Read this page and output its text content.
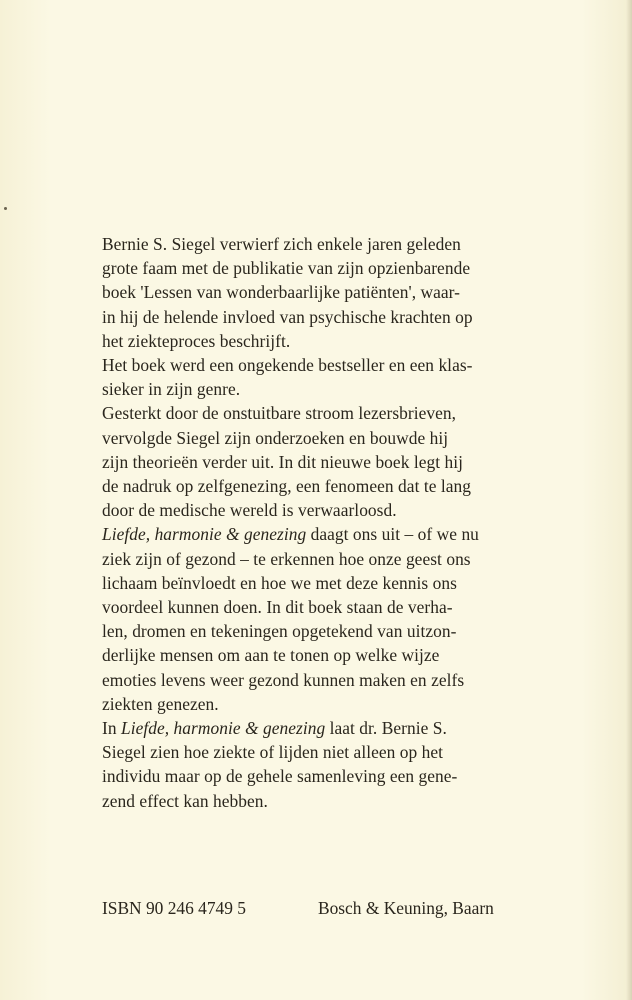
Bernie S. Siegel verwierf zich enkele jaren geleden
grote faam met de publikatie van zijn opzienbarende
boek 'Lessen van wonderbaarlijke patiënten', waar-
in hij de helende invloed van psychische krachten op
het ziekteproces beschrijft.
Het boek werd een ongekende bestseller en een klas-
sieker in zijn genre.
Gesterkt door de onstuitbare stroom lezersbrieven,
vervolgde Siegel zijn onderzoeken en bouwde hij
zijn theorieën verder uit. In dit nieuwe boek legt hij
de nadruk op zelfgenezing, een fenomeen dat te lang
door de medische wereld is verwaarloosd.
Liefde, harmonie & genezing daagt ons uit – of we nu
ziek zijn of gezond – te erkennen hoe onze geest ons
lichaam beïnvloedt en hoe we met deze kennis ons
voordeel kunnen doen. In dit boek staan de verha-
len, dromen en tekeningen opgetekend van uitzon-
derlijke mensen om aan te tonen op welke wijze
emoties levens weer gezond kunnen maken en zelfs
ziekten genezen.
In Liefde, harmonie & genezing laat dr. Bernie S.
Siegel zien hoe ziekte of lijden niet alleen op het
individu maar op de gehele samenleving een gene-
zend effect kan hebben.
ISBN 90 246 4749 5	Bosch & Keuning, Baarn
